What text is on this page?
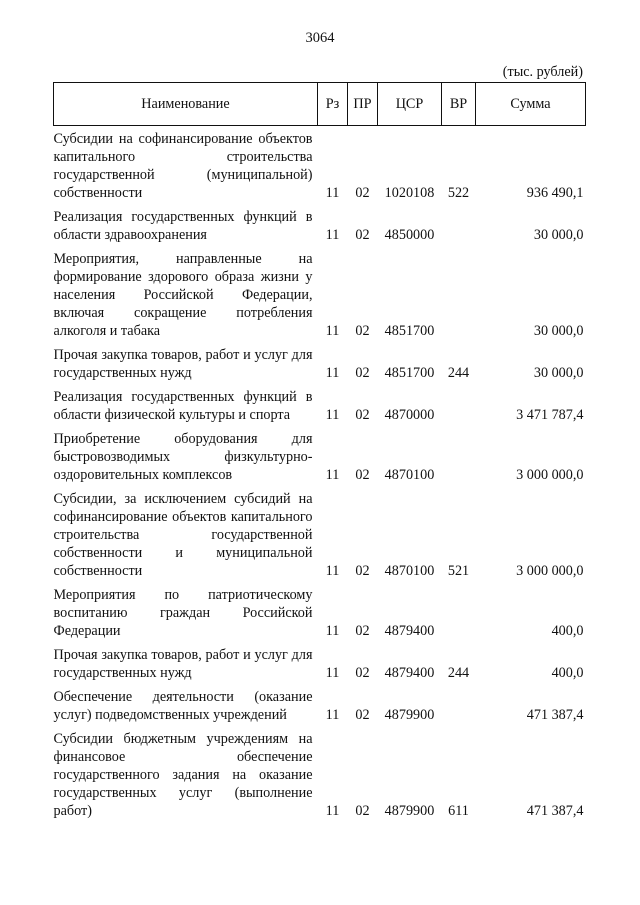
3064
(тыс. рублей)
Наименование	Рз	ПР	ЦСР	ВР	Сумма
Субсидии на софинансирование объектов капитального строительства государственной (муниципальной) собственности	11	02	1020108	522	936 490,1
Реализация государственных функций в области здравоохранения	11	02	4850000		30 000,0
Мероприятия, направленные на формирование здорового образа жизни у населения Российской Федерации, включая сокращение потребления алкоголя и табака	11	02	4851700		30 000,0
Прочая закупка товаров, работ и услуг для государственных нужд	11	02	4851700	244	30 000,0
Реализация государственных функций в области физической культуры и спорта	11	02	4870000		3 471 787,4
Приобретение оборудования для быстровозводимых физкультурно-оздоровительных комплексов	11	02	4870100		3 000 000,0
Субсидии, за исключением субсидий на софинансирование объектов капитального строительства государственной собственности и муниципальной собственности	11	02	4870100	521	3 000 000,0
Мероприятия по патриотическому воспитанию граждан Российской Федерации	11	02	4879400		400,0
Прочая закупка товаров, работ и услуг для государственных нужд	11	02	4879400	244	400,0
Обеспечение деятельности (оказание услуг) подведомственных учреждений	11	02	4879900		471 387,4
Субсидии бюджетным учреждениям на финансовое обеспечение государственного задания на оказание государственных услуг (выполнение работ)	11	02	4879900	611	471 387,4
